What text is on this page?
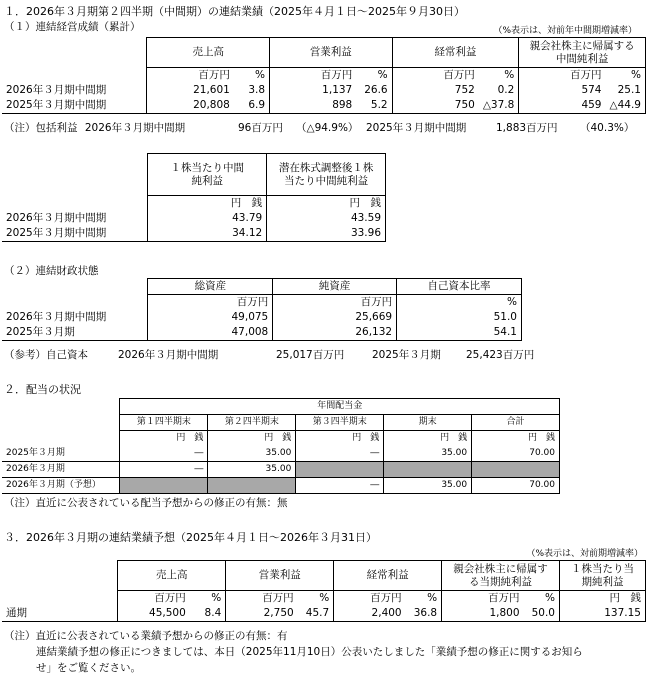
１．2026年３月期第２四半期（中間期）の連結業績（2025年４月１日～2025年９月30日）
（１）連結経営成績（累計）	（%表示は、対前年中間期増減率）
	売上高		営業利益		経常利益		親会社株主に帰属する中間純利益	
	百万円	%	百万円	%	百万円	%	百万円	%
2026年３月期中間期	21,601	3.8	1,137	26.6	752	0.2	574	25.1
2025年３月期中間期	20,808	6.9	898	5.2	750	△37.8	459	△44.9
（注）包括利益 2026年３月期中間期	96百万円 （△94.9%） 2025年３月期中間期	1,883百万円 （40.3%）
	１株当たり中間純利益	潜在株式調整後１株当たり中間純利益
	円　銭	円　銭
2026年３月期中間期	43.79	43.59
2025年３月期中間期	34.12	33.96
（２）連結財政状態
	総資産	純資産	自己資本比率
	百万円	百万円	%
2026年３月期中間期	49,075	25,669	51.0
2025年３月期	47,008	26,132	54.1
（参考）自己資本	2026年３月期中間期	25,017百万円	2025年３月期 25,423百万円
２．配当の状況
	年間配当金				
	第１四半期末	第２四半期末	第３四半期末	期末	合計
	円　銭	円　銭	円　銭	円　銭	円　銭
2025年３月期	―	35.00	―	35.00	70.00
2026年３月期	―	35.00			
2026年３月期（予想）			―	35.00	70.00
（注）直近に公表されている配当予想からの修正の有無：無
３．2026年３月期の連結業績予想（2025年４月１日～2026年３月31日）
（%表示は、対前期増減率）
	売上高		営業利益		経常利益		親会社株主に帰属する当期純利益		１株当たり当期純利益
	百万円	%	百万円	%	百万円	%	百万円	%	円　銭
通期	45,500	8.4	2,750	45.7	2,400	36.8	1,800	50.0	137.15
（注）直近に公表されている業績予想からの修正の有無：有
連結業績予想の修正につきましては、本日（2025年11月10日）公表いたしました「業績予想の修正に関するお知ら
せ」をご覧ください。
